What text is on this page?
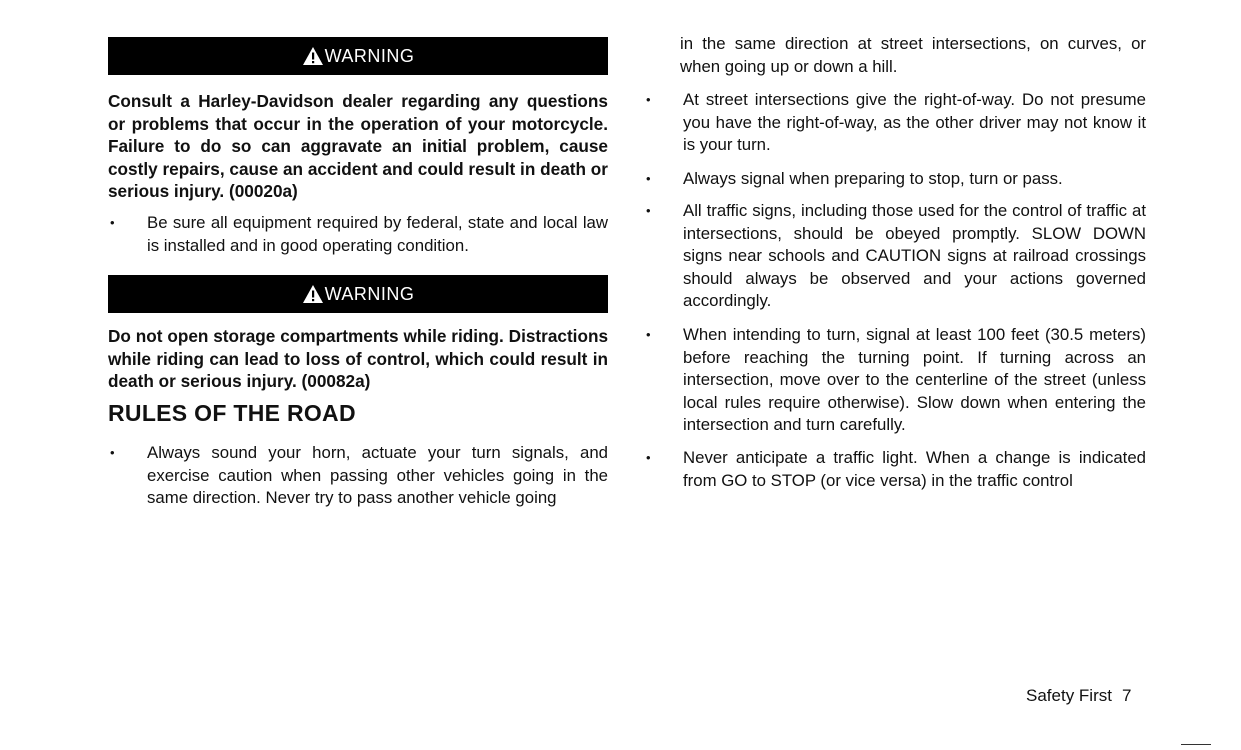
WARNING

Consult a Harley-Davidson dealer regarding any questions or problems that occur in the operation of your motorcycle. Failure to do so can aggravate an initial problem, cause costly repairs, cause an accident and could result in death or serious injury. (00020a)

•	Be sure all equipment required by federal, state and local law is installed and in good operating condition.
WARNING

Do not open storage compartments while riding. Distractions while riding can lead to loss of control, which could result in death or serious injury. (00082a)

RULES OF THE ROAD
•	Always sound your horn, actuate your turn signals, and exercise caution when passing other vehicles going in the same direction. Never try to pass another vehicle going

in the same direction at street intersections, on curves, or when going up or down a hill.

•	At street intersections give the right-of-way. Do not presume you have the right-of-way, as the other driver may not know it is your turn.
•	Always signal when preparing to stop, turn or pass.
•	All traffic signs, including those used for the control of traffic at intersections, should be obeyed promptly. SLOW DOWN signs near schools and CAUTION signs at railroad crossings should always be observed and your actions governed accordingly.
•	When intending to turn, signal at least 100 feet (30.5 meters) before reaching the turning point. If turning across an intersection, move over to the centerline of the street (unless local rules require otherwise). Slow down when entering the intersection and turn carefully.
•	Never anticipate a traffic light. When a change is indicated from GO to STOP (or vice versa) in the traffic control
Safety First 7
